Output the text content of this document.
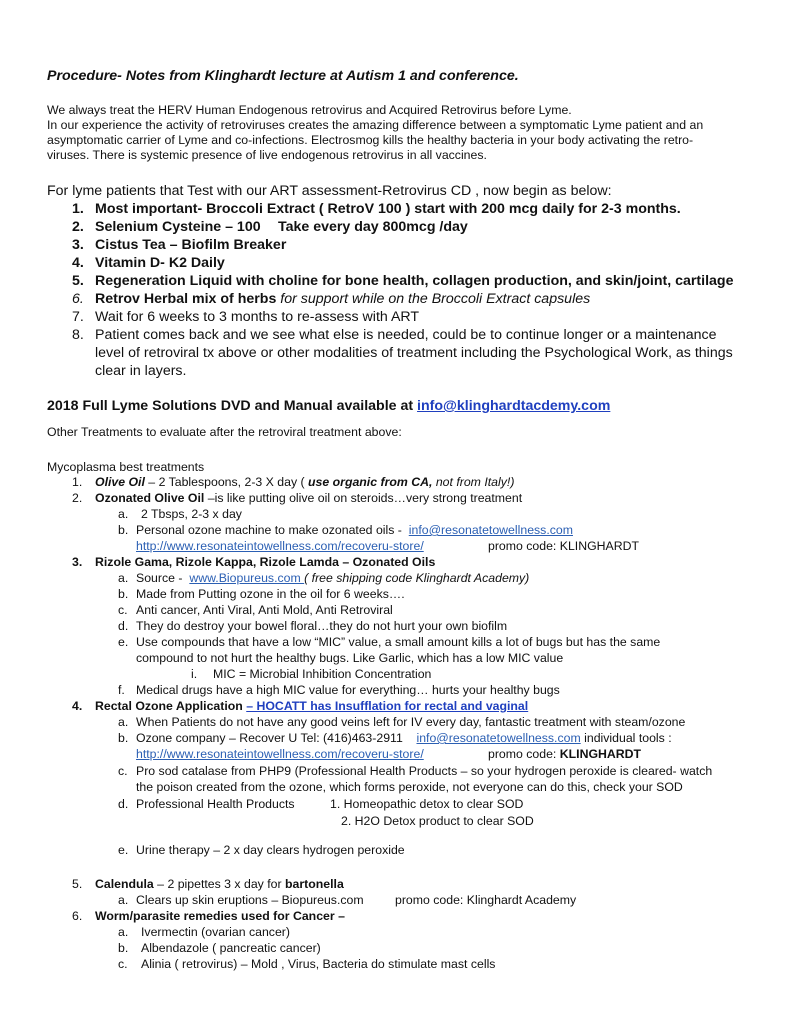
Procedure- Notes from Klinghardt lecture at Autism 1 and conference.
We always treat the HERV Human Endogenous retrovirus and Acquired Retrovirus before Lyme.
In our experience the activity of retroviruses creates the amazing difference between a symptomatic Lyme patient and an
asymptomatic carrier of Lyme and co-infections. Electrosmog kills the healthy bacteria in your body activating the retro-
viruses. There is systemic presence of live endogenous retrovirus in all vaccines.
For lyme patients that Test with our ART assessment-Retrovirus CD , now begin as below:
1. Most important- Broccoli Extract ( RetroV 100 ) start with 200 mcg daily for 2-3 months.
2. Selenium Cysteine – 100 Take every day 800mcg /day
3. Cistus Tea – Biofilm Breaker
4. Vitamin D- K2 Daily
5. Regeneration Liquid with choline for bone health, collagen production, and skin/joint, cartilage
6. Retrov Herbal mix of herbs for support while on the Broccoli Extract capsules
7. Wait for 6 weeks to 3 months to re-assess with ART
8. Patient comes back and we see what else is needed, could be to continue longer or a maintenance
level of retroviral tx above or other modalities of treatment including the Psychological Work, as things
clear in layers.
2018 Full Lyme Solutions DVD and Manual available at info@klinghardtacdemy.com
Other Treatments to evaluate after the retroviral treatment above:
Mycoplasma best treatments
1. Olive Oil – 2 Tablespoons, 2-3 X day ( use organic from CA, not from Italy!)
2. Ozonated Olive Oil –is like putting olive oil on steroids…very strong treatment
a. 2 Tbsps, 2-3 x day
b. Personal ozone machine to make ozonated oils - info@resonatetowellness.com
http://www.resonateintowellness.com/recoveru-store/	promo code: KLINGHARDT
3. Rizole Gama, Rizole Kappa, Rizole Lamda – Ozonated Oils
a. Source - www.Biopureus.com ( free shipping code Klinghardt Academy)
b. Made from Putting ozone in the oil for 6 weeks….
c. Anti cancer, Anti Viral, Anti Mold, Anti Retroviral
d. They do destroy your bowel floral…they do not hurt your own biofilm
e. Use compounds that have a low “MIC” value, a small amount kills a lot of bugs but has the same
compound to not hurt the healthy bugs. Like Garlic, which has a low MIC value
i. MIC = Microbial Inhibition Concentration
f. Medical drugs have a high MIC value for everything… hurts your healthy bugs
4. Rectal Ozone Application – HOCATT has Insufflation for rectal and vaginal
a. When Patients do not have any good veins left for IV every day, fantastic treatment with steam/ozone
b. Ozone company – Recover U Tel: (416)463-2911 info@resonatetowellness.com individual tools :
http://www.resonateintowellness.com/recoveru-store/	promo code: KLINGHARDT
c. Pro sod catalase from PHP9 (Professional Health Products – so your hydrogen peroxide is cleared- watch
the poison created from the ozone, which forms peroxide, not everyone can do this, check your SOD
d. Professional Health Products	1. Homeopathic detox to clear SOD
2. H2O Detox product to clear SOD
e. Urine therapy – 2 x day clears hydrogen peroxide
5. Calendula – 2 pipettes 3 x day for bartonella
a. Clears up skin eruptions – Biopureus.com	promo code: Klinghardt Academy
6. Worm/parasite remedies used for Cancer –
a. Ivermectin (ovarian cancer)
b. Albendazole ( pancreatic cancer)
c. Alinia ( retrovirus) – Mold , Virus, Bacteria do stimulate mast cells
